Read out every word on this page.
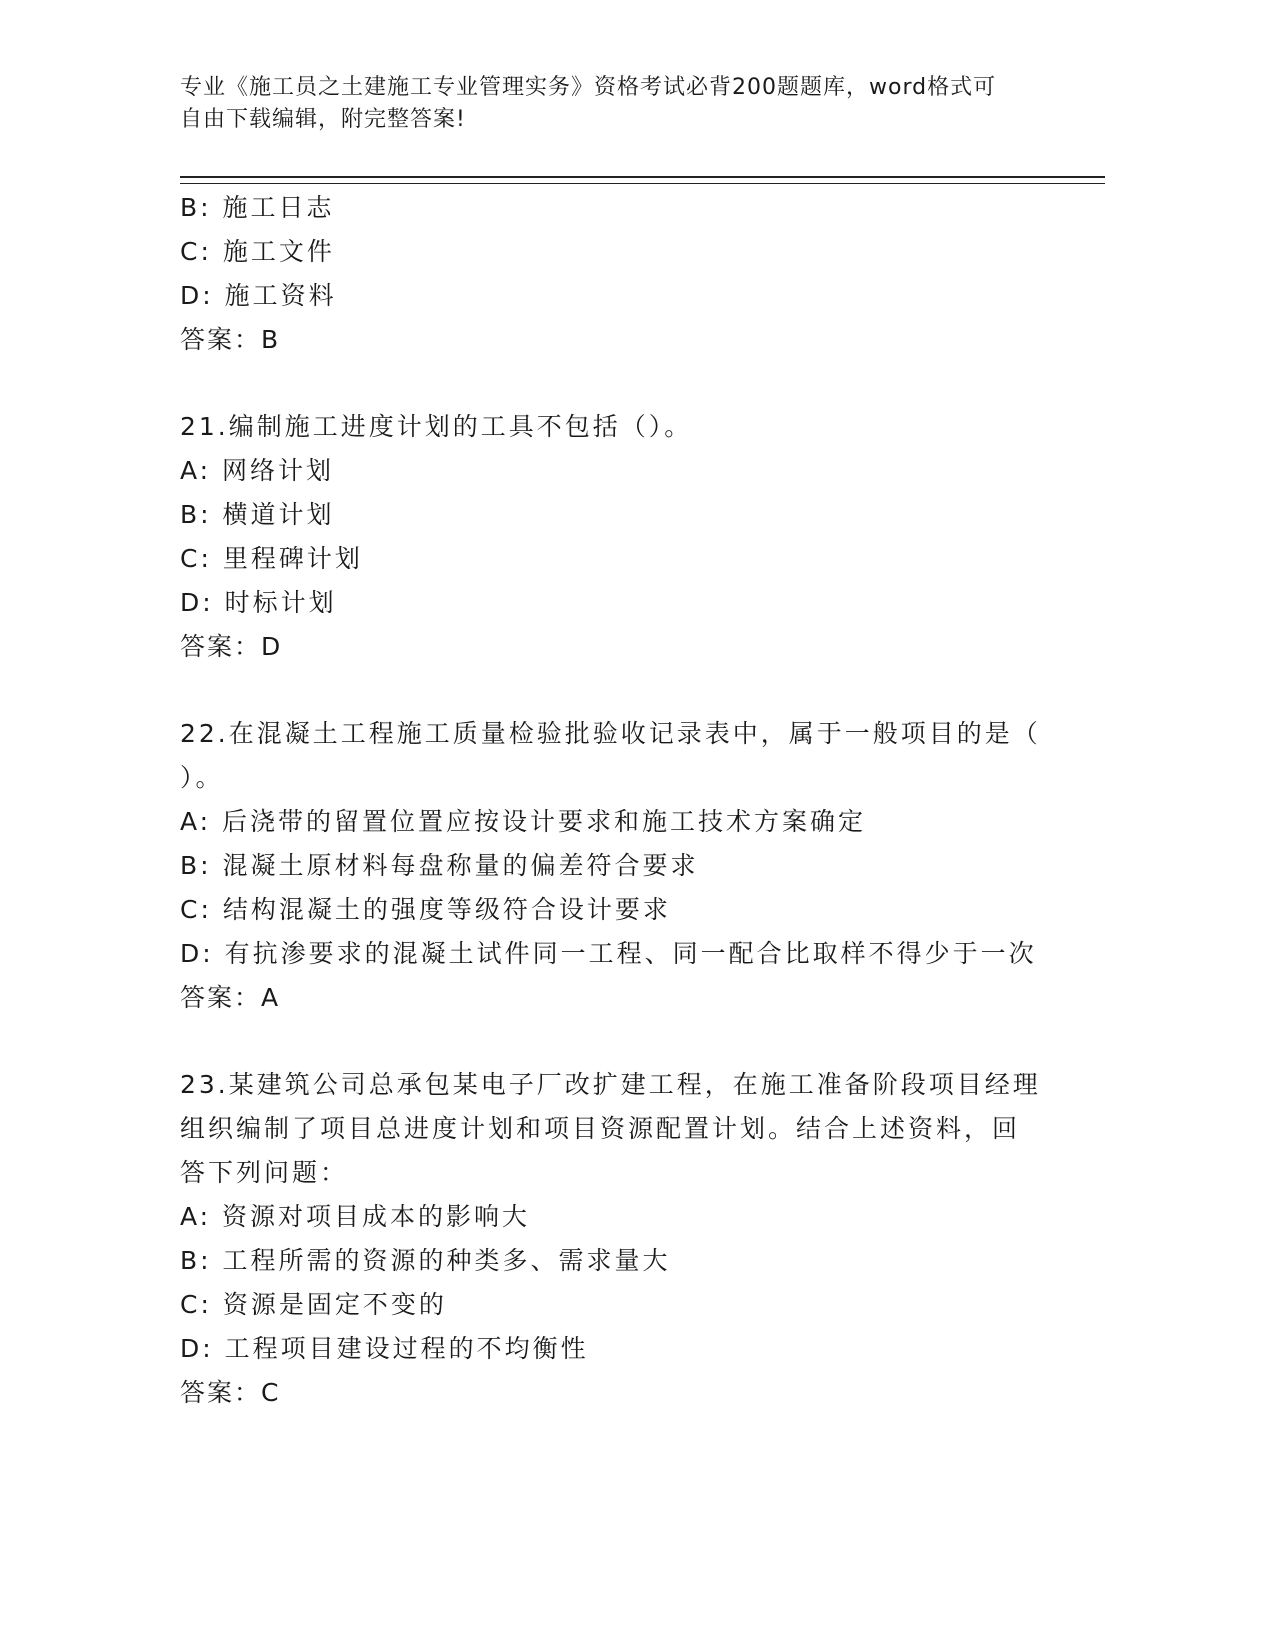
专业《施工员之土建施工专业管理实务》资格考试必背200题题库，word格式可
自由下载编辑，附完整答案!
B: 施工日志
C: 施工文件
D: 施工资料
答案：B
21.编制施工进度计划的工具不包括（）。
A: 网络计划
B: 横道计划
C: 里程碑计划
D: 时标计划
答案：D
22.在混凝土工程施工质量检验批验收记录表中，属于一般项目的是（
）。
A: 后浇带的留置位置应按设计要求和施工技术方案确定
B: 混凝土原材料每盘称量的偏差符合要求
C: 结构混凝土的强度等级符合设计要求
D: 有抗渗要求的混凝土试件同一工程、同一配合比取样不得少于一次
答案：A
23.某建筑公司总承包某电子厂改扩建工程，在施工准备阶段项目经理
组织编制了项目总进度计划和项目资源配置计划。结合上述资料，回
答下列问题：
A: 资源对项目成本的影响大
B: 工程所需的资源的种类多、需求量大
C: 资源是固定不变的
D: 工程项目建设过程的不均衡性
答案：C
